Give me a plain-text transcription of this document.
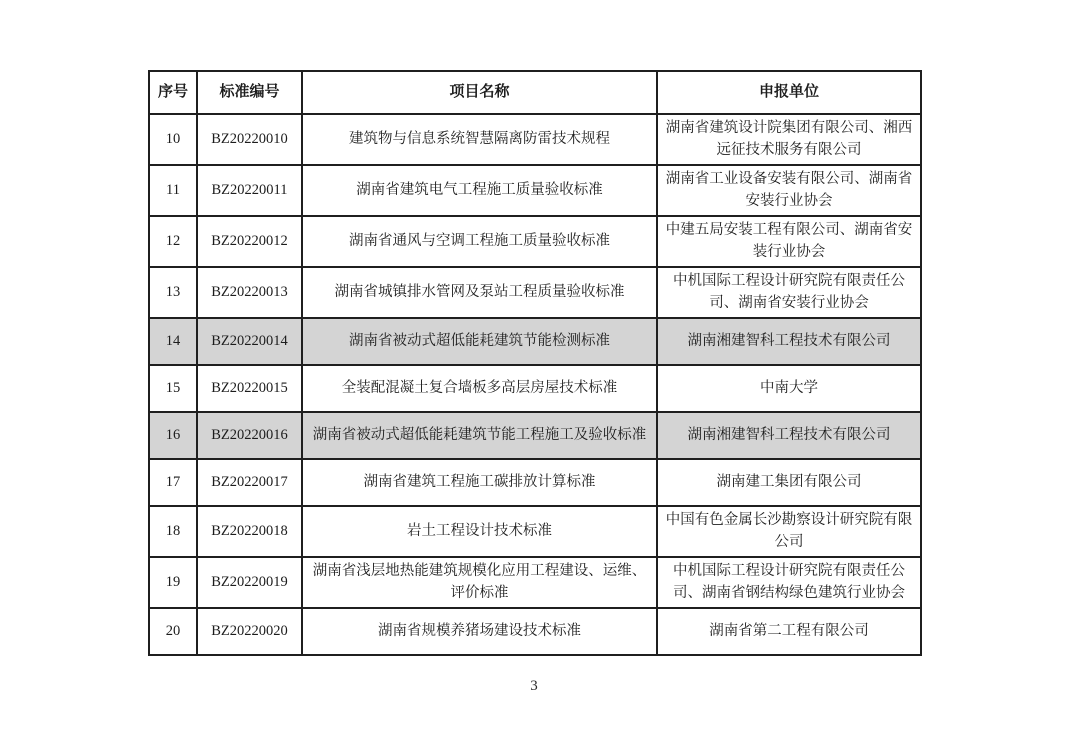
序号	标准编号	项目名称	申报单位
10	BZ20220010	建筑物与信息系统智慧隔离防雷技术规程	湖南省建筑设计院集团有限公司、湘西远征技术服务有限公司
11	BZ20220011	湖南省建筑电气工程施工质量验收标准	湖南省工业设备安装有限公司、湖南省安装行业协会
12	BZ20220012	湖南省通风与空调工程施工质量验收标准	中建五局安装工程有限公司、湖南省安装行业协会
13	BZ20220013	湖南省城镇排水管网及泵站工程质量验收标准	中机国际工程设计研究院有限责任公司、湖南省安装行业协会
14	BZ20220014	湖南省被动式超低能耗建筑节能检测标准	湖南湘建智科工程技术有限公司
15	BZ20220015	全装配混凝土复合墙板多高层房屋技术标准	中南大学
16	BZ20220016	湖南省被动式超低能耗建筑节能工程施工及验收标准	湖南湘建智科工程技术有限公司
17	BZ20220017	湖南省建筑工程施工碳排放计算标准	湖南建工集团有限公司
18	BZ20220018	岩土工程设计技术标准	中国有色金属长沙勘察设计研究院有限公司
19	BZ20220019	湖南省浅层地热能建筑规模化应用工程建设、运维、评价标准	中机国际工程设计研究院有限责任公司、湖南省钢结构绿色建筑行业协会
20	BZ20220020	湖南省规模养猪场建设技术标准	湖南省第二工程有限公司
3
